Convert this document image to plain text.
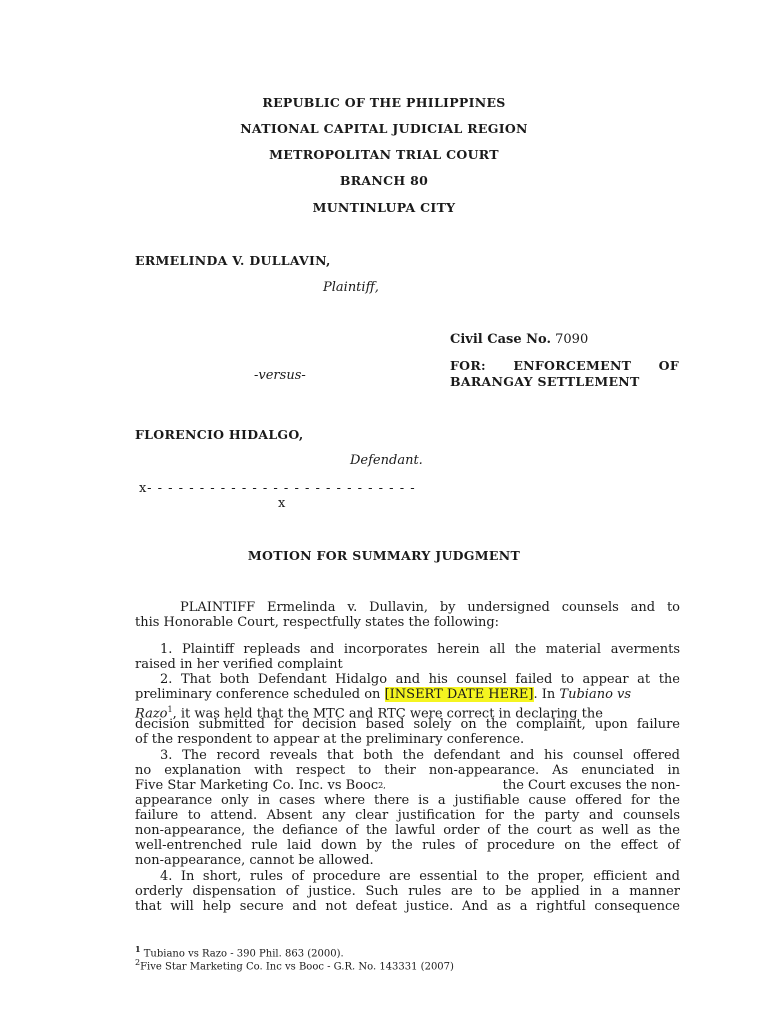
REPUBLIC OF THE PHILIPPINES
NATIONAL CAPITAL JUDICIAL REGION
METROPOLITAN TRIAL COURT
BRANCH 80
MUNTINLUPA CITY
ERMELINDA V. DULLAVIN,
Plaintiff,
Civil Case No. 7090
FOR: ENFORCEMENT OF
BARANGAY SETTLEMENT
-versus-
FLORENCIO HIDALGO,
Defendant.
x- - - - - - - - - - - - - - - - - - - - - - - - - -
x
MOTION FOR SUMMARY JUDGMENT
PLAINTIFF Ermelinda v. Dullavin, by undersigned counsels and to
this Honorable Court, respectfully states the following:
1. Plaintiff repleads and incorporates herein all the material averments
raised in her verified complaint
2. That both Defendant Hidalgo and his counsel failed to appear at the
preliminary conference scheduled on [INSERT DATE HERE]. In Tubiano vs
Razo$^1$, it was held that the MTC and RTC were correct in declaring the
decision submitted for decision based solely on the complaint, upon failure
of the respondent to appear at the preliminary conference.
3. The record reveals that both the defendant and his counsel offered
no explanation with respect to their non-appearance. As enunciated in
Five Star Marketing Co. Inc. vs Booc 2,	the Court excuses the non-
appearance only in cases where there is a justifiable cause offered for the
failure to attend. Absent any clear justification for the party and counsels
non-appearance, the defiance of the lawful order of the court as well as the
well-entrenched rule laid down by the rules of procedure on the effect of
non-appearance, cannot be allowed.
4. In short, rules of procedure are essential to the proper, efficient and
orderly dispensation of justice. Such rules are to be applied in a manner
that will help secure and not defeat justice. And as a rightful consequence
$^1$ Tubiano vs Razo - 390 Phil. 863 (2000).
$^2$Five Star Marketing Co. Inc vs Booc - G.R. No. 143331 (2007)
